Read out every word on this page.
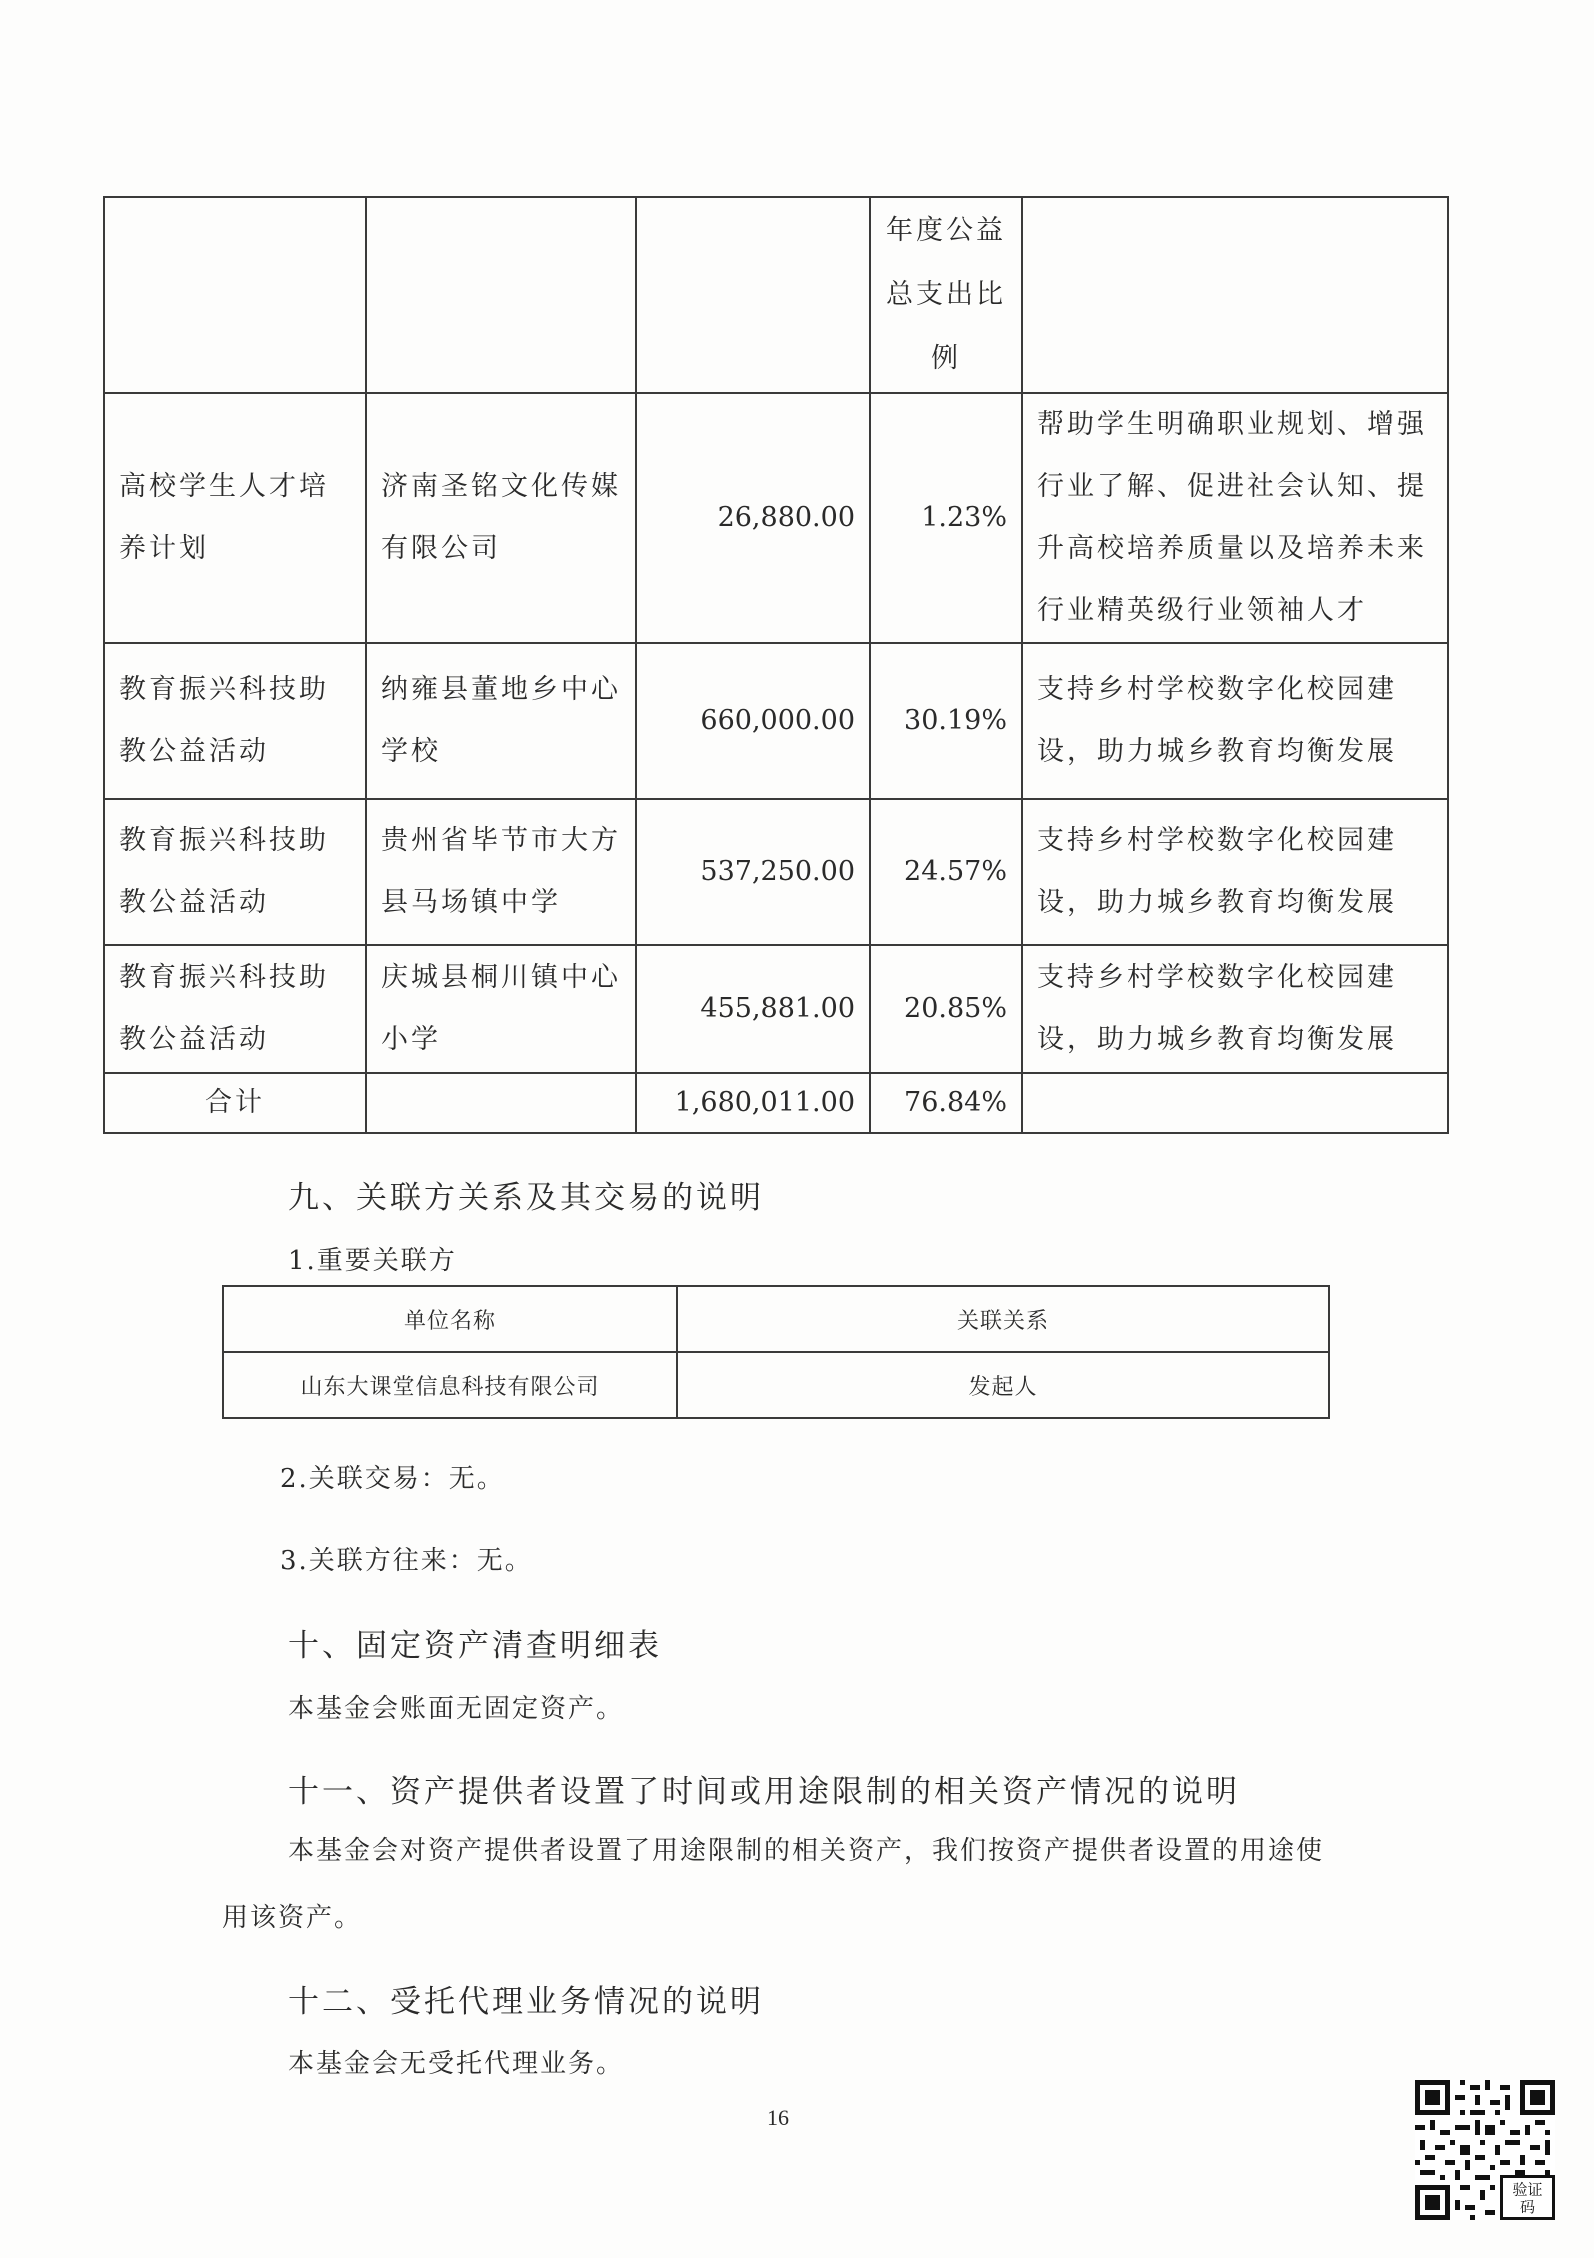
			年度公益总支出比例	
高校学生人才培养计划	济南圣铭文化传媒有限公司	26,880.00	1.23%	帮助学生明确职业规划、增强行业了解、促进社会认知、提升高校培养质量以及培养未来行业精英级行业领袖人才
教育振兴科技助教公益活动	纳雍县董地乡中心学校	660,000.00	30.19%	支持乡村学校数字化校园建设，助力城乡教育均衡发展
教育振兴科技助教公益活动	贵州省毕节市大方县马场镇中学	537,250.00	24.57%	支持乡村学校数字化校园建设，助力城乡教育均衡发展
教育振兴科技助教公益活动	庆城县桐川镇中心小学	455,881.00	20.85%	支持乡村学校数字化校园建设，助力城乡教育均衡发展
合计		1,680,011.00	76.84%	
九、关联方关系及其交易的说明
1.重要关联方
单位名称	关联关系
山东大课堂信息科技有限公司	发起人
2.关联交易：无。
3.关联方往来：无。
十、固定资产清查明细表
本基金会账面无固定资产。
十一、资产提供者设置了时间或用途限制的相关资产情况的说明
本基金会对资产提供者设置了用途限制的相关资产，我们按资产提供者设置的用途使
用该资产。
十二、受托代理业务情况的说明
本基金会无受托代理业务。
16
验证
码
